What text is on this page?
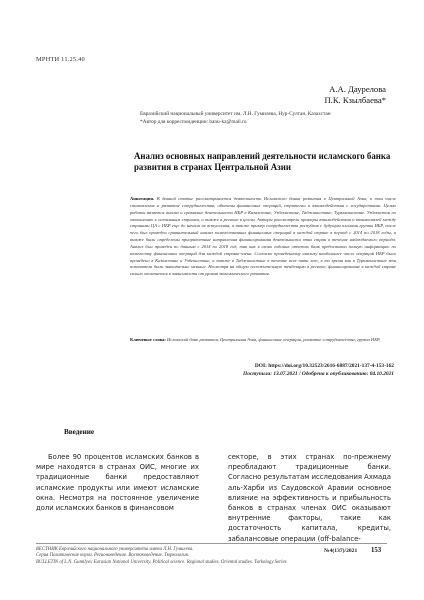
МРНТИ 11.25.40
А.А. Даурелова
П.К. Кзылбаева*
Евразийский национальный университет им. Л.Н. Гумилева, Нур-Султан, Казахстан
*Автор для корреспонденции: banu-kz@mail.ru
Анализ основных направлений деятельности исламского банка развития в странах Центральной Азии
Аннотация. В данной статье рассматривается деятельность Исламского банка развития в Центральной Азии, в том числе становление и развитие сотрудничества, объекты финансовых операций, стратегии и взаимодействия с государствами. Целью работы является анализ и сравнение деятельности ИБР в Казахстане, Узбекистане, Таджикистане, Туркменистане. Узбекистан по отношению к остальным странам, а также в регионе в целом. Авторы рассмотрели примеры взаимодействия и взаимосвязей между странами ЦА с ИБР еще до начала их вступления, а также пример сотрудничества республик с будущим членами группы ИБР, после чего был проведен сравнительный анализ количественных финансовых операций в каждой стране в период с 2014 по 2018 годы, а также были определены приоритетные направления финансирования деятельности этих стран в течение наблюдаемого периода. Анализ был проведен по данным с 2014 по 2018 год, так как в своих годовых отчетах банк предоставил полную информацию по количеству финансовых операций для каждой страны-члена. Согласно проведенному анализу наибольшее число операций ИБР было проведено в Казахстане и Узбекистане, а также в Таджикистане в течение всех пяти лет, в то время как в Туркменистане эти показатели были значительно меньше. Несмотря на общую положительную тенденцию в регионе, финансирование в каждой стране сильно отличается в зависимости от уровня экономического развития.
Ключевые слова: Исламский банк развития, Центральная Азия, финансовые операции, развитие сотрудничества, группа ИБР.
DOI: https://doi.org/10.32523/2616-6887/2021-137-4-153-162
Поступила: 13.07.2021 / Одобрена к опубликованию: 04.10.2021
Введение
Более 90 процентов исламских банков в мире находятся в странах ОИС, многие их традиционные банки предоставляют исламские продукты или имеют исламские окна. Несмотря на постоянное увеличение доли исламских банков в финансовом
секторе, в этих странах по-прежнему преобладают традиционные банки. Согласно результатам исследования Ахмада аль-Харби из Саудовской Аравии основное влияние на эффективность и прибыльность банков в странах членах ОИС оказывают внутренние факторы, такие как достаточность капитала, кредиты, забалансовые операции (off-balance-
ВЕСТНИК Евразийского национального университета имени Л.Н. Гумилева.
Серия Политические науки. Регионоведение. Востоковедение. Тюркология.
BULLETIN of L.N. Gumilyov Eurasian National University. Political science. Regional studies. Oriental studies. Turkology Series
№4(137)/2021 153
